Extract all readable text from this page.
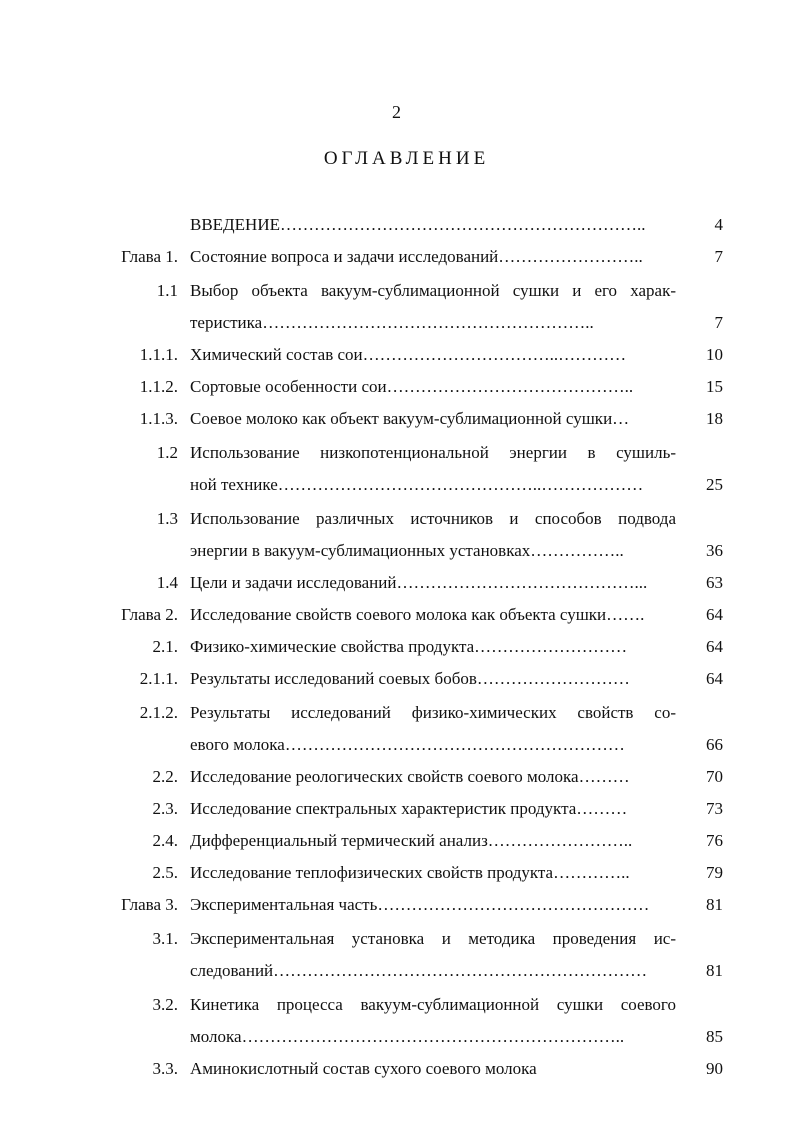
2
ОГЛАВЛЕНИЕ
ВВЕДЕНИЕ ………………………………………………………..	4
Глава 1. Состояние вопроса и задачи исследований ……………………..	7
1.1 Выбор объекта вакуум-сублимационной сушки и его харак-
теристика …………………………………………………..	7
1.1.1. Химический состав сои ……………………………..…………	10
1.1.2. Сортовые особенности сои ……………………………………..	15
1.1.3. Соевое молоко как объект вакуум-сублимационной сушки …	18
1.2 Использование низкопотенциональной энергии в сушиль-
ной технике ………………………………………..………………	25
1.3 Использование различных источников и способов подвода
энергии в вакуум-сублимационных установках ……………..	36
1.4 Цели и задачи исследований ……………………………………...	63
Глава 2. Исследование свойств соевого молока как объекта сушки …….	64
2.1. Физико-химические свойства продукта ………………………	64
2.1.1. Результаты исследований соевых бобов ………………………	64
2.1.2. Результаты исследований физико-химических свойств со-
евого молока ……………………………………………………	66
2.2. Исследование реологических свойств соевого молока ………	70
2.3. Исследование спектральных характеристик продукта ………	73
2.4. Дифференциальный термический анализ ……………………..	76
2.5. Исследование теплофизических свойств продукта …………..	79
Глава 3. Экспериментальная часть …………………………………………	81
3.1. Экспериментальная установка и методика проведения ис-
следований …………………………………………………………	81
3.2. Кинетика процесса вакуум-сублимационной сушки соевого
молока …………………………………………………………..	85
3.3. Аминокислотный состав сухого соевого молока	90
